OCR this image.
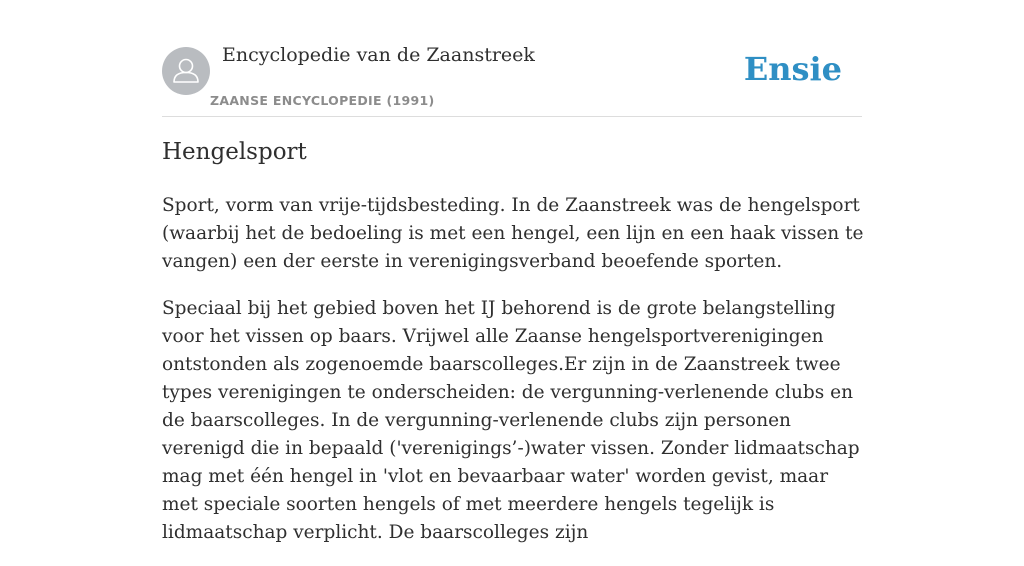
Encyclopedie van de Zaanstreek
ZAANSE ENCYCLOPEDIE (1991)
Ensie
Hengelsport

Sport, vorm van vrije-tijdsbesteding. In de Zaanstreek was de hengelsport (waarbij het de bedoeling is met een hengel, een lijn en een haak vissen te vangen) een der eerste in verenigingsverband beoefende sporten.

Speciaal bij het gebied boven het IJ behorend is de grote belangstelling voor het vissen op baars. Vrijwel alle Zaanse hengelsportverenigingen ontstonden als zogenoemde baarscolleges.Er zijn in de Zaanstreek twee types verenigingen te onderscheiden: de vergunning-verlenende clubs en de baarscolleges. In de vergunning-verlenende clubs zijn personen verenigd die in bepaald ('verenigings’-)water vissen. Zonder lidmaatschap mag met één hengel in 'vlot en bevaarbaar water' worden gevist, maar met speciale soorten hengels of met meerdere hengels tegelijk is lidmaatschap verplicht. De baarscolleges zijn
